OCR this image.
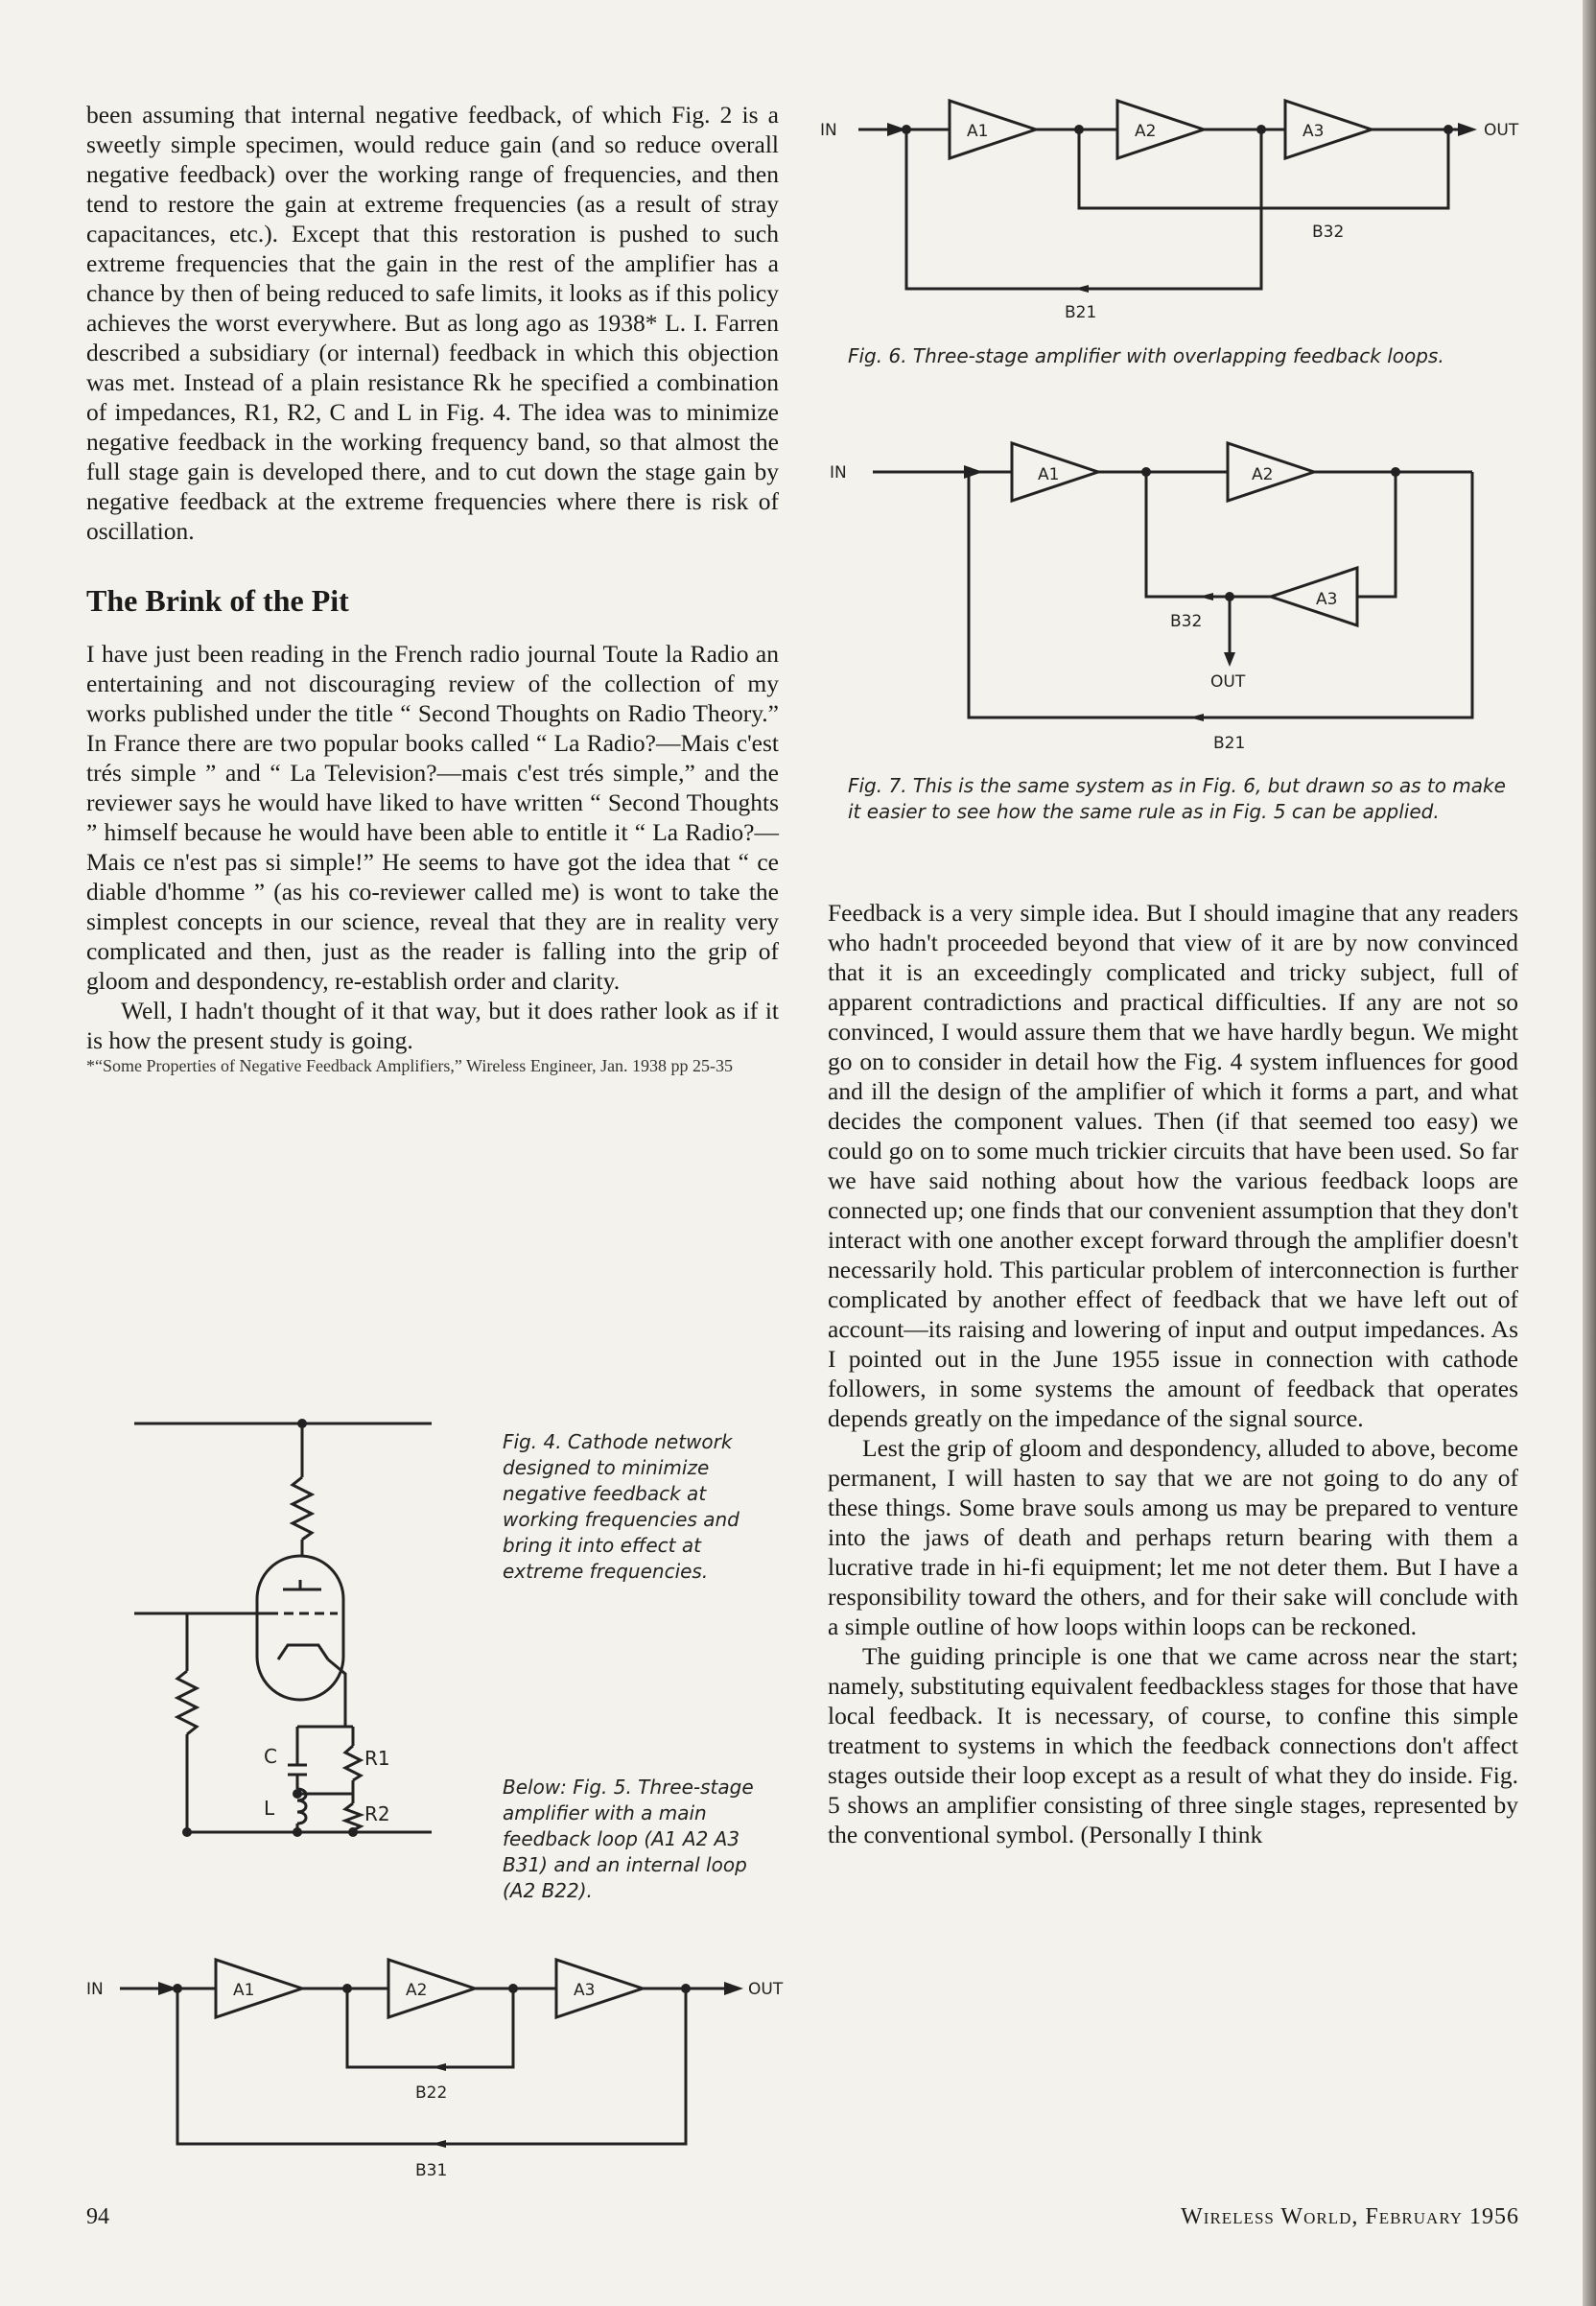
been assuming that internal negative feedback, of which Fig. 2 is a sweetly simple specimen, would reduce gain (and so reduce overall negative feedback) over the working range of frequencies, and then tend to restore the gain at extreme frequencies (as a result of stray capacitances, etc.). Except that this restoration is pushed to such extreme frequencies that the gain in the rest of the amplifier has a chance by then of being reduced to safe limits, it looks as if this policy achieves the worst everywhere. But as long ago as 1938* L. I. Farren described a subsidiary (or internal) feedback in which this objection was met. Instead of a plain resistance Rk he specified a combination of impedances, R1, R2, C and L in Fig. 4. The idea was to minimize negative feedback in the working frequency band, so that almost the full stage gain is developed there, and to cut down the stage gain by negative feedback at the extreme frequencies where there is risk of oscillation.

The Brink of the Pit

I have just been reading in the French radio journal Toute la Radio an entertaining and not discouraging review of the collection of my works published under the title “ Second Thoughts on Radio Theory.” In France there are two popular books called “ La Radio?—Mais c'est trés simple ” and “ La Television?—mais c'est trés simple,” and the reviewer says he would have liked to have written “ Second Thoughts ” himself because he would have been able to entitle it “ La Radio?—Mais ce n'est pas si simple!” He seems to have got the idea that “ ce diable d'homme ” (as his co-reviewer called me) is wont to take the simplest concepts in our science, reveal that they are in reality very complicated and then, just as the reader is falling into the grip of gloom and despondency, re-establish order and clarity.

Well, I hadn't thought of it that way, but it does rather look as if it is how the present study is going.

*“Some Properties of Negative Feedback Amplifiers,” Wireless Engineer, Jan. 1938 pp 25-35

Feedback is a very simple idea. But I should imagine that any readers who hadn't proceeded beyond that view of it are by now convinced that it is an exceedingly complicated and tricky subject, full of apparent contradictions and practical difficulties. If any are not so convinced, I would assure them that we have hardly begun. We might go on to consider in detail how the Fig. 4 system influences for good and ill the design of the amplifier of which it forms a part, and what decides the component values. Then (if that seemed too easy) we could go on to some much trickier circuits that have been used. So far we have said nothing about how the various feedback loops are connected up; one finds that our convenient assumption that they don't interact with one another except forward through the amplifier doesn't necessarily hold. This particular problem of interconnection is further complicated by another effect of feedback that we have left out of account—its raising and lowering of input and output impedances. As I pointed out in the June 1955 issue in connection with cathode followers, in some systems the amount of feedback that operates depends greatly on the impedance of the signal source.

Lest the grip of gloom and despondency, alluded to above, become permanent, I will hasten to say that we are not going to do any of these things. Some brave souls among us may be prepared to venture into the jaws of death and perhaps return bearing with them a lucrative trade in hi-fi equipment; let me not deter them. But I have a responsibility toward the others, and for their sake will conclude with a simple outline of how loops within loops can be reckoned.

The guiding principle is one that we came across near the start; namely, substituting equivalent feedbackless stages for those that have local feedback. It is necessary, of course, to confine this simple treatment to systems in which the feedback connections don't affect stages outside their loop except as a result of what they do inside. Fig. 5 shows an amplifier consisting of three single stages, represented by the conventional symbol. (Personally I think

IN	OUT
A1	A2	A3
B32
B21
Fig. 6. Three-stage amplifier with overlapping feedback loops.
IN	A1	A2
A3
B32
OUT
B21
Fig. 7. This is the same system as in Fig. 6, but drawn so as to make it easier to see how the same rule as in Fig. 5 can be applied.
C	R1
L	R2
Fig. 4. Cathode network designed to minimize negative feedback at working frequencies and bring it into effect at extreme frequencies.
Below: Fig. 5. Three-stage amplifier with a main feedback loop (A1 A2 A3 B31) and an internal loop (A2 B22).
IN	OUT
A1	A2	A3
B22
B31
94	Wireless World, February 1956
